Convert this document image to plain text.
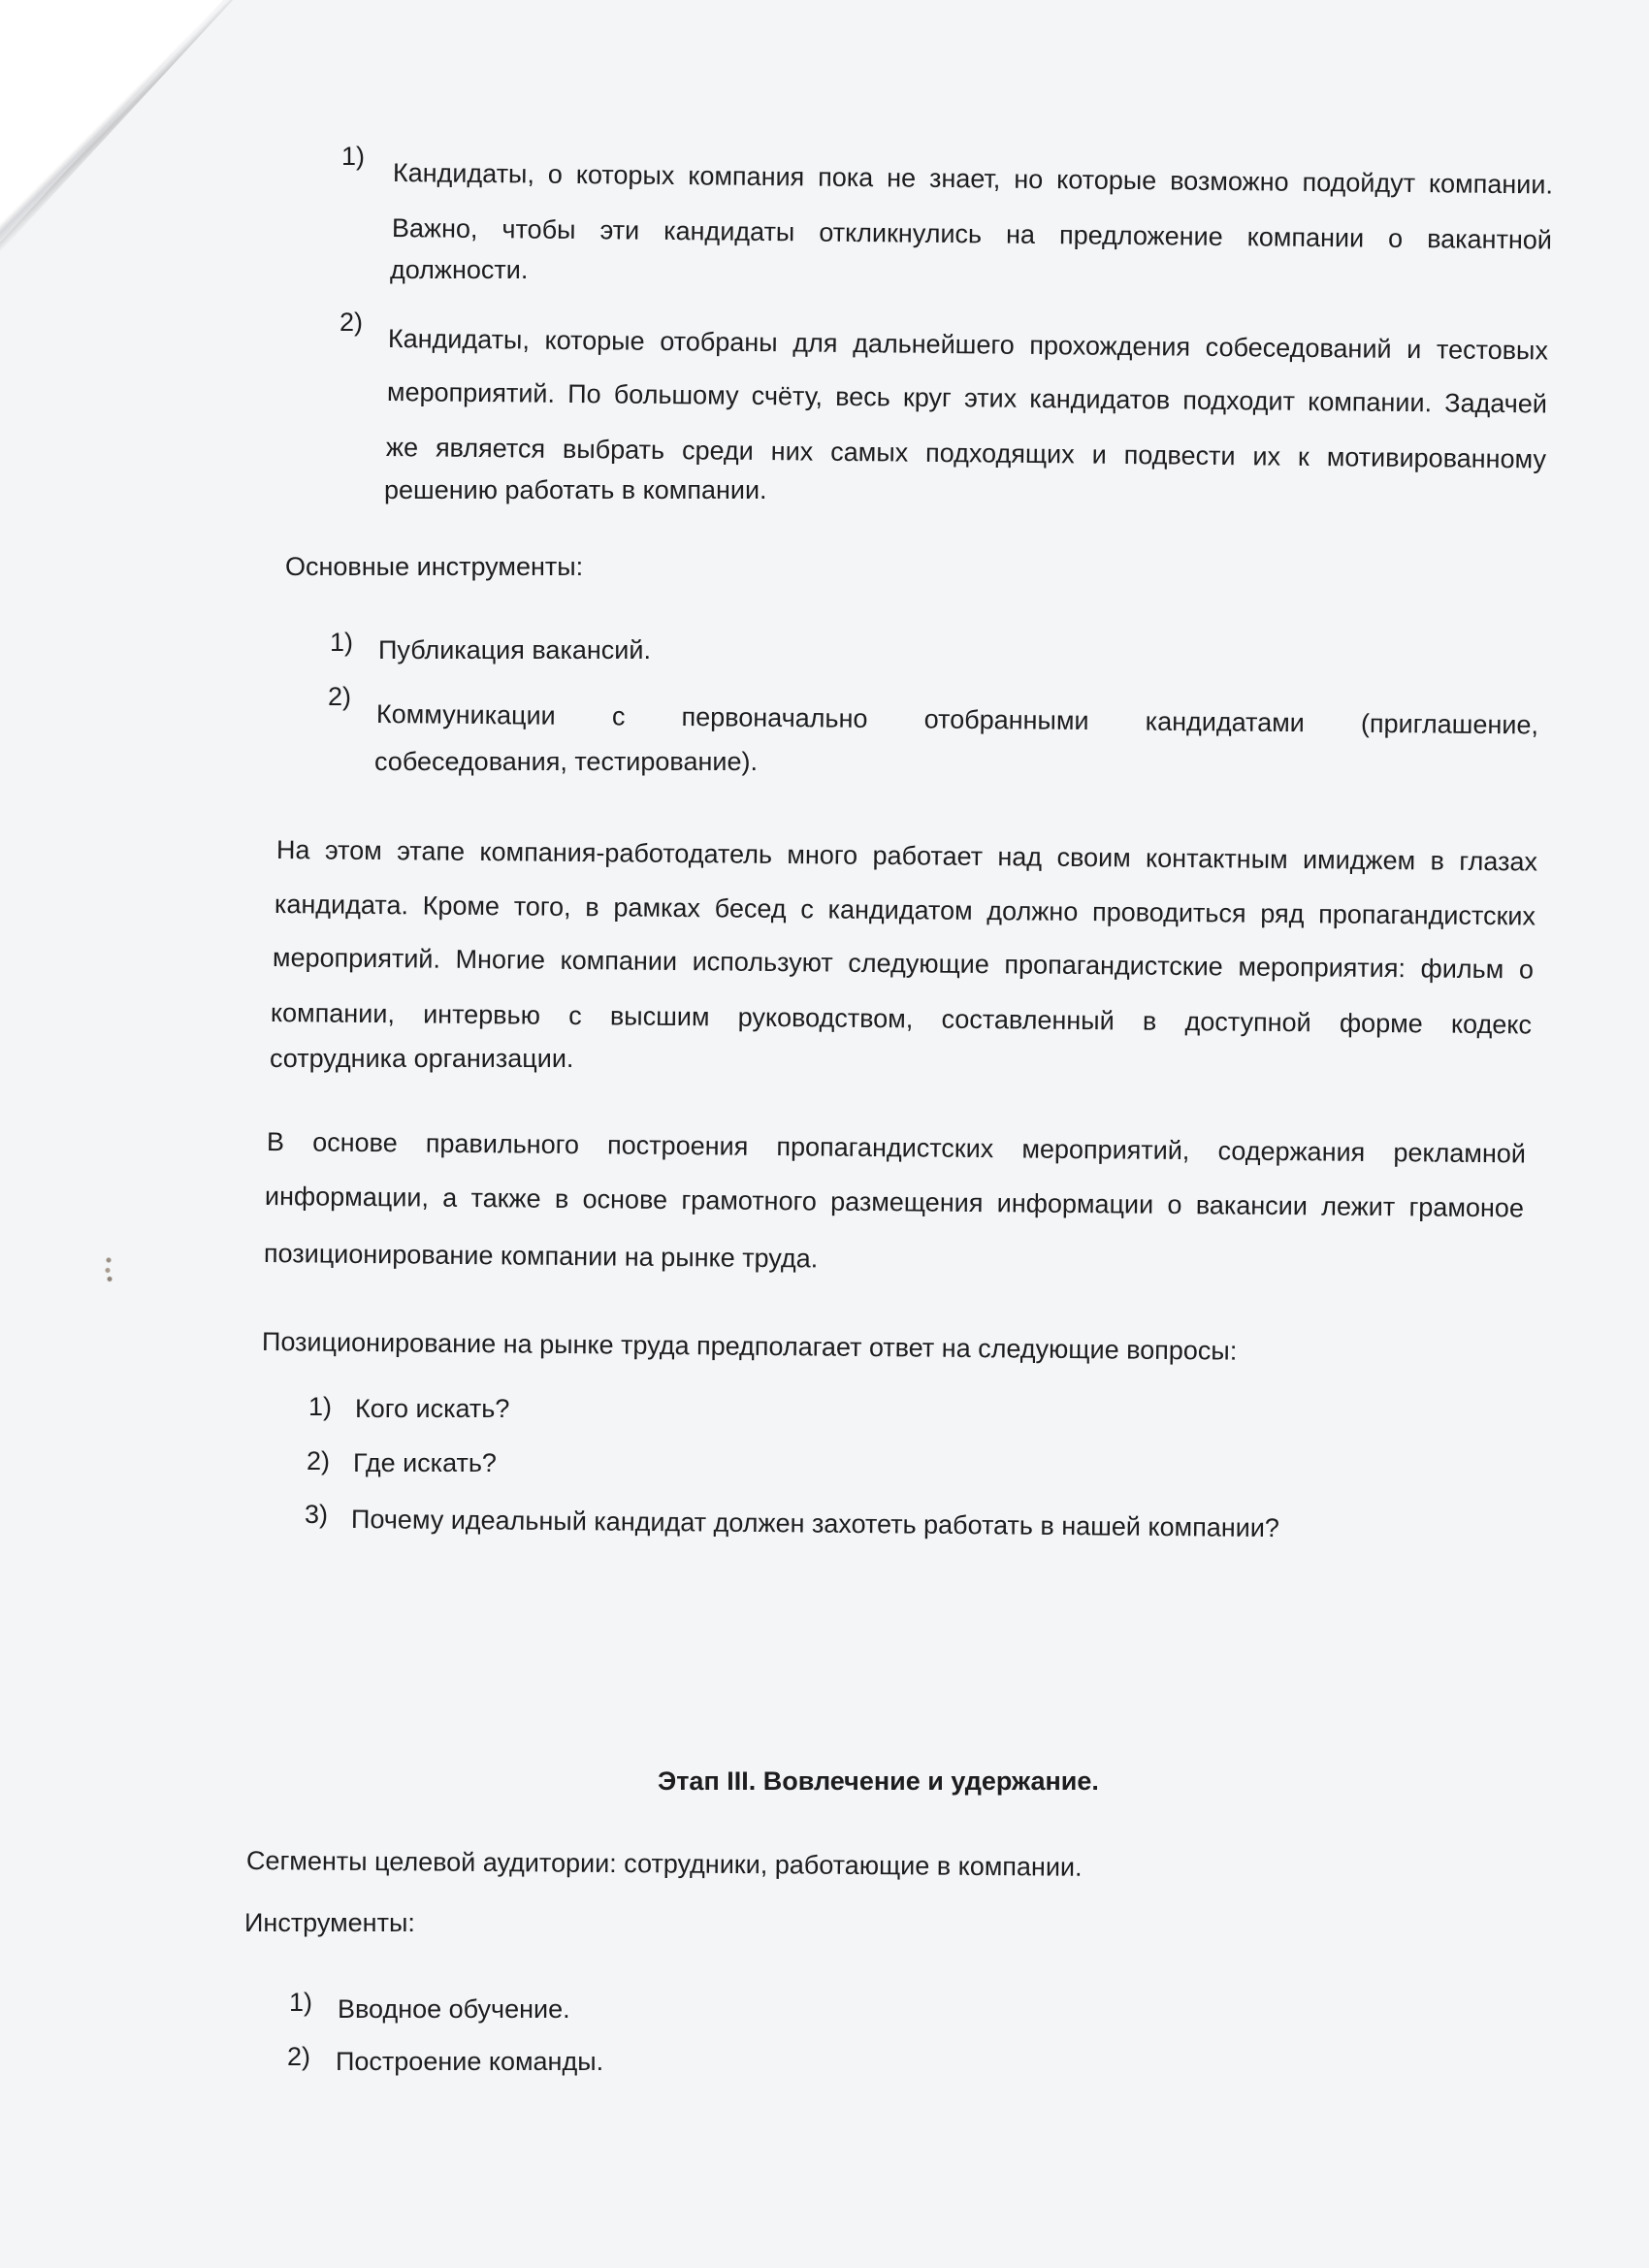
1)
Кандидаты, о которых компания пока не знает, но которые возможно подойдут компании.
Важно, чтобы эти кандидаты откликнулись на предложение компании о вакантной
должности.
2)
Кандидаты, которые отобраны для дальнейшего прохождения собеседований и тестовых
мероприятий. По большому счёту, весь круг этих кандидатов подходит компании. Задачей
же является выбрать среди них самых подходящих и подвести их к мотивированному
решению работать в компании.
Основные инструменты:
1) Публикация вакансий.
2)
Коммуникации с первоначально отобранными кандидатами (приглашение,
собеседования, тестирование).
На этом этапе компания-работодатель много работает над своим контактным имиджем в глазах
кандидата. Кроме того, в рамках бесед с кандидатом должно проводиться ряд пропагандистских
мероприятий. Многие компании используют следующие пропагандистские мероприятия: фильм о
компании, интервью с высшим руководством, составленный в доступной форме кодекс
сотрудника организации.
В основе правильного построения пропагандистских мероприятий, содержания рекламной
информации, а также в основе грамотного размещения информации о вакансии лежит грамоное
позиционирование компании на рынке труда.
Позиционирование на рынке труда предполагает ответ на следующие вопросы:
1) Кого искать?
2) Где искать?
3) Почему идеальный кандидат должен захотеть работать в нашей компании?
Этап III. Вовлечение и удержание.
Сегменты целевой аудитории: сотрудники, работающие в компании.
Инструменты:
1) Вводное обучение.
2) Построение команды.
